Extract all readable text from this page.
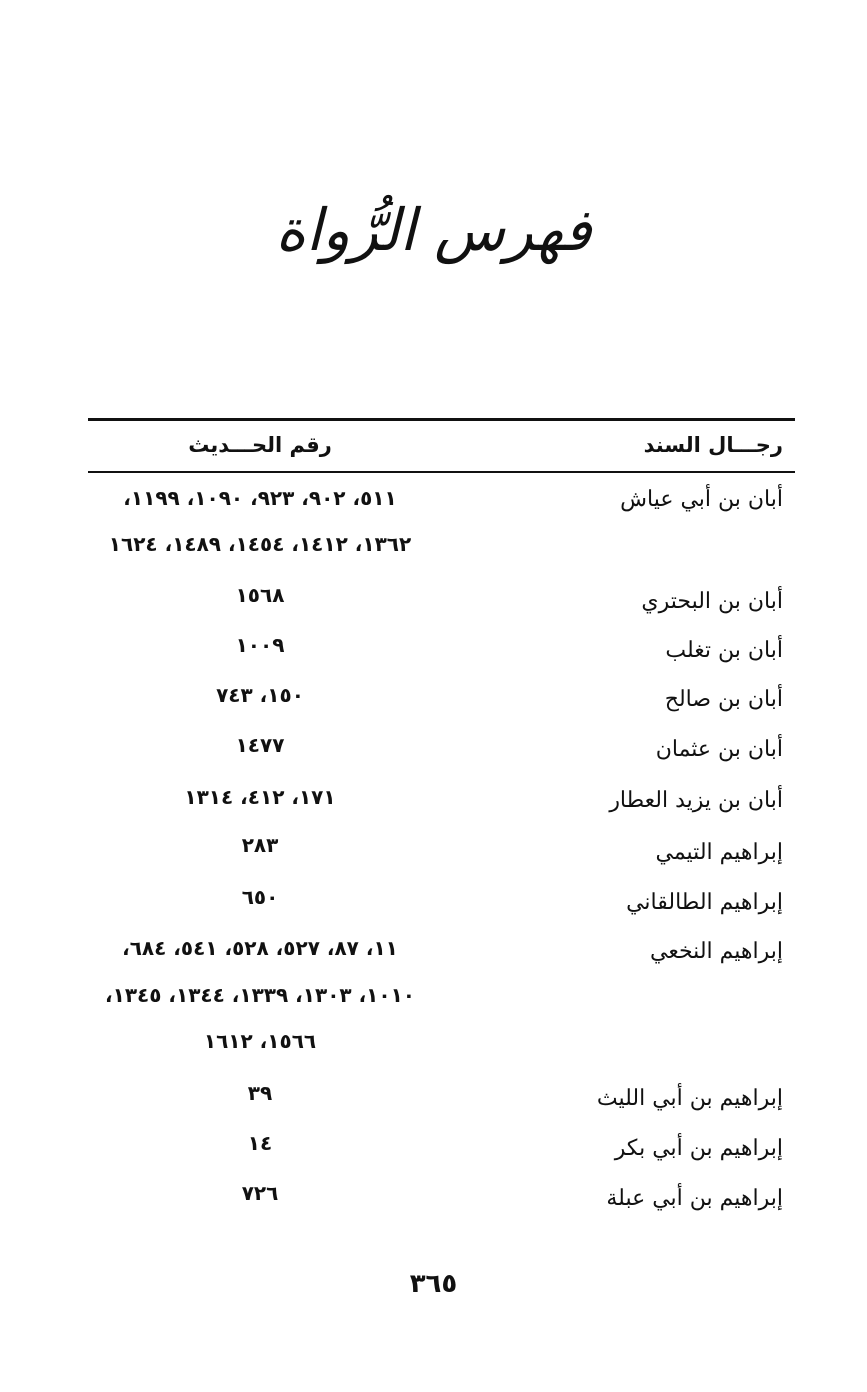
فهرس الرُّواة
رجـــال السند
رقم الحـــديث
أبان بن أبي عياش
٥١١، ٩٠٢، ٩٢٣، ١٠٩٠، ١١٩٩،
١٣٦٢، ١٤١٢، ١٤٥٤، ١٤٨٩، ١٦٢٤
أبان بن البحتري
١٥٦٨
أبان بن تغلب
١٠٠٩
أبان بن صالح
١٥٠، ٧٤٣
أبان بن عثمان
١٤٧٧
أبان بن يزيد العطار
١٧١، ٤١٢، ١٣١٤
إبراهيم التيمي
٢٨٣
إبراهيم الطالقاني
٦٥٠
إبراهيم النخعي
١١، ٨٧، ٥٢٧، ٥٢٨، ٥٤١، ٦٨٤،
١٠١٠، ١٣٠٣، ١٣٣٩، ١٣٤٤، ١٣٤٥،
١٥٦٦، ١٦١٢
إبراهيم بن أبي الليث
٣٩
إبراهيم بن أبي بكر
١٤
إبراهيم بن أبي عبلة
٧٢٦
٣٦٥
